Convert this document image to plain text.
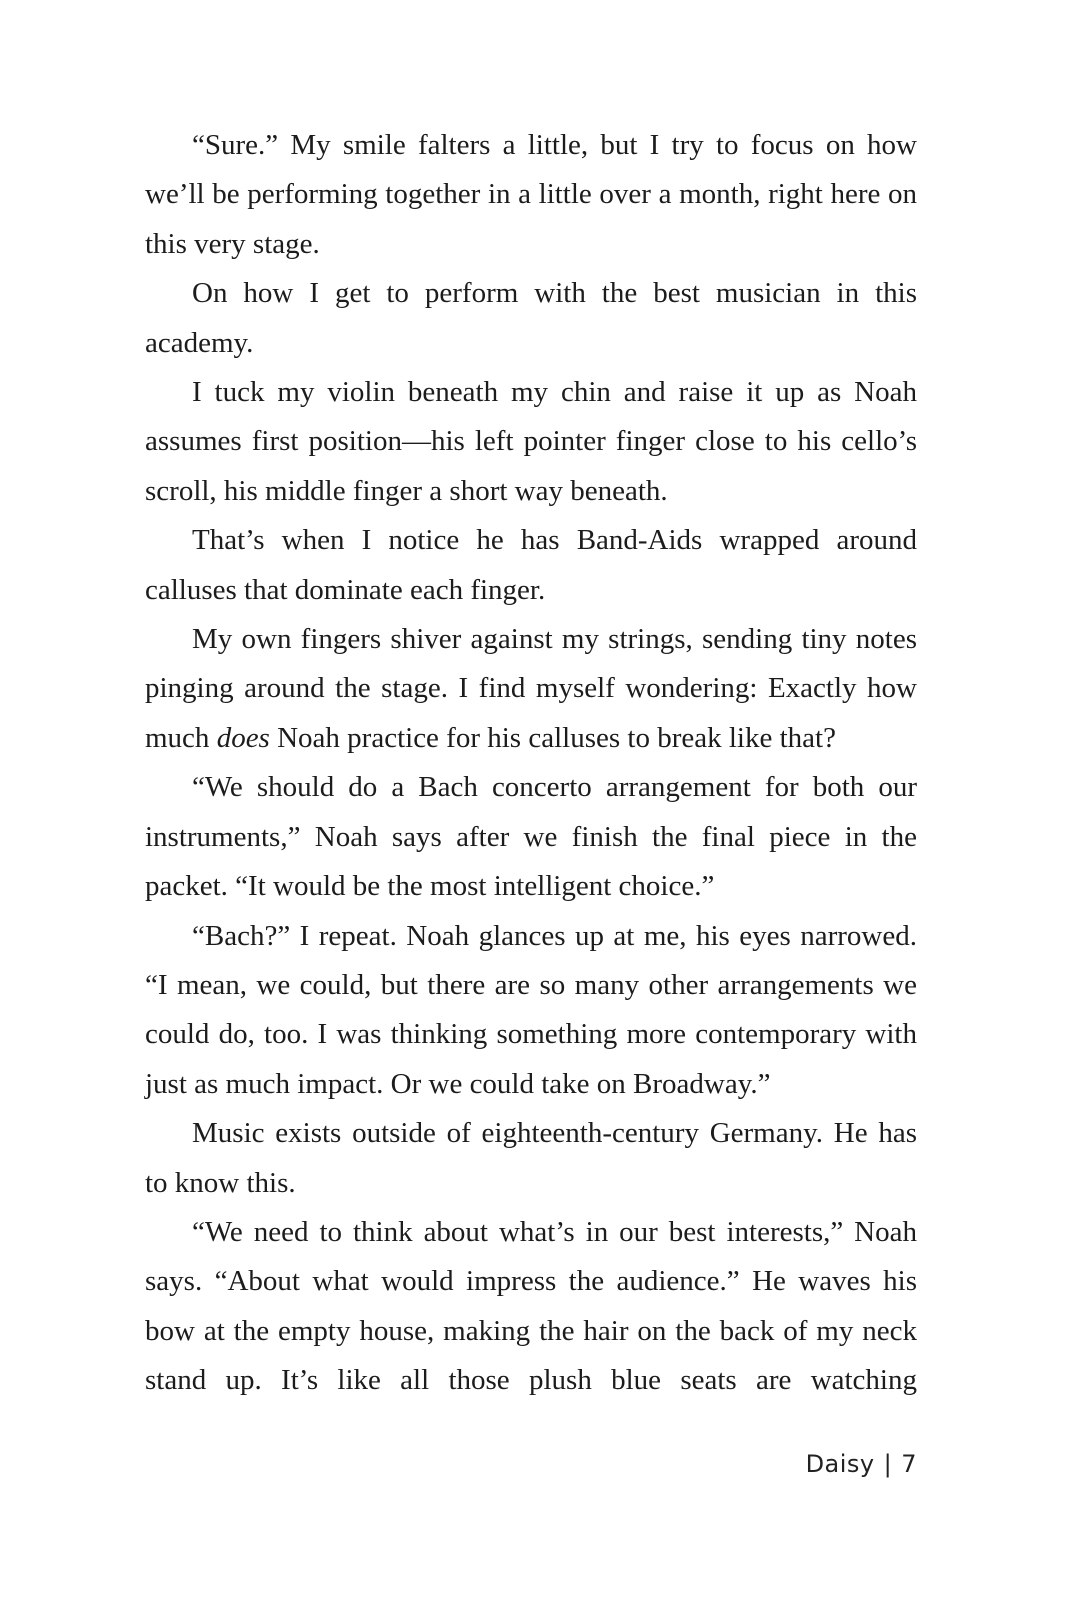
“Sure.” My smile falters a little, but I try to focus on how we’ll be performing together in a little over a month, right here on this very stage.

On how I get to perform with the best musician in this academy.

I tuck my violin beneath my chin and raise it up as Noah assumes first position—his left pointer finger close to his cello’s scroll, his middle finger a short way beneath.

That’s when I notice he has Band-Aids wrapped around calluses that dominate each finger.

My own fingers shiver against my strings, sending tiny notes pinging around the stage. I find myself wondering: Exactly how much does Noah practice for his calluses to break like that?

“We should do a Bach concerto arrangement for both our instruments,” Noah says after we finish the final piece in the packet. “It would be the most intelligent choice.”

“Bach?” I repeat. Noah glances up at me, his eyes narrowed. “I mean, we could, but there are so many other arrangements we could do, too. I was thinking something more contemporary with just as much impact. Or we could take on Broadway.”

Music exists outside of eighteenth-century Germany. He has to know this.

“We need to think about what’s in our best interests,” Noah says. “About what would impress the audience.” He waves his bow at the empty house, making the hair on the back of my neck stand up. It’s like all those plush blue seats are watching

Daisy | 7
